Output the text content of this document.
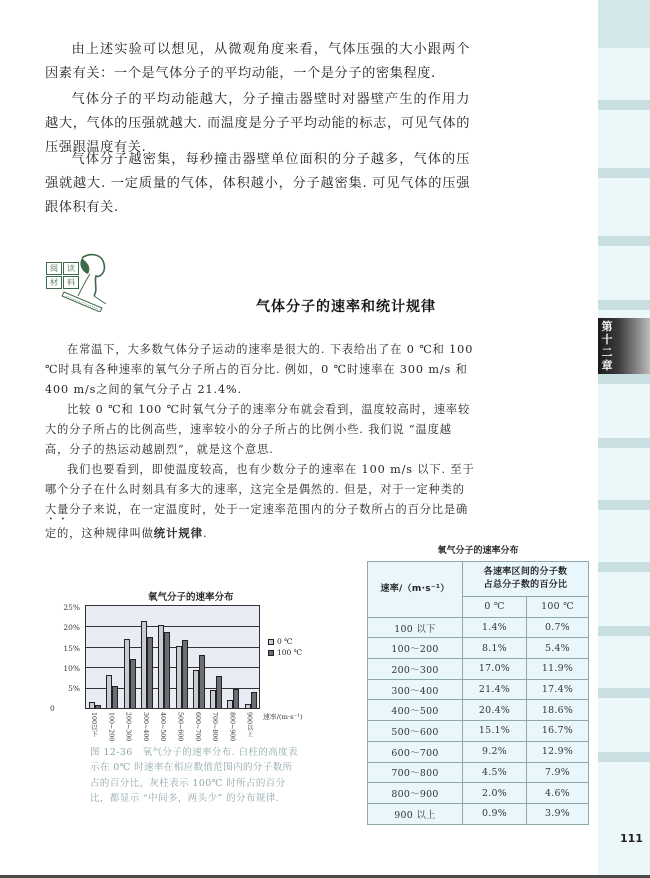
第十二章
111
由上述实验可以想见，从微观角度来看，气体压强的大小跟两个因素有关：一个是气体分子的平均动能，一个是分子的密集程度.
气体分子的平均动能越大，分子撞击器壁时对器壁产生的作用力越大，气体的压强就越大. 而温度是分子平均动能的标志，可见气体的压强跟温度有关.
气体分子越密集，每秒撞击器壁单位面积的分子越多，气体的压强就越大. 一定质量的气体，体积越小，分子越密集. 可见气体的压强跟体积有关.
阅	读
材	料
气体分子的速率和统计规律
在常温下，大多数气体分子运动的速率是很大的. 下表给出了在 0 ℃和 100 ℃时具有各种速率的氧气分子所占的百分比. 例如，0 ℃时速率在 300 m/s 和 400 m/s之间的氧气分子占 21.4%.
比较 0 ℃和 100 ℃时氧气分子的速率分布就会看到，温度较高时，速率较大的分子所占的比例高些，速率较小的分子所占的比例小些. 我们说 “温度越高，分子的热运动越剧烈”，就是这个意思.
我们也要看到，即使温度较高，也有少数分子的速率在 100 m/s 以下. 至于哪个分子在什么时刻具有多大的速率，这完全是偶然的. 但是，对于一定种类的大量分子来说，在一定温度时，处于一定速率范围内的分子数所占的百分比是确定的，这种规律叫做统计规律.
氧气分子的速率分布
25%
20%
15%
10%
5%
0
速率/(m·s⁻¹)
0 ℃
100 ℃
图 12-36　氧气分子的速率分布. 白柱的高度表示在 0℃ 时速率在相应数值范围内的分子数所占的百分比，灰柱表示 100℃ 时所占的百分比，都显示 “中间多，两头少” 的分布规律.
氧气分子的速率分布
速率/（m·s⁻¹）	各速率区间的分子数
占总分子数的百分比	
	0 ℃	100 ℃
100 以下	1.4%	0.7%
100～200	8.1%	5.4%
200～300	17.0%	11.9%
300～400	21.4%	17.4%
400～500	20.4%	18.6%
500～600	15.1%	16.7%
600～700	9.2%	12.9%
700～800	4.5%	7.9%
800～900	2.0%	4.6%
900 以上	0.9%	3.9%
100以下 100~200 200~300 300~400 400~500 500~600 600~700 700~800 800~900 900以上
